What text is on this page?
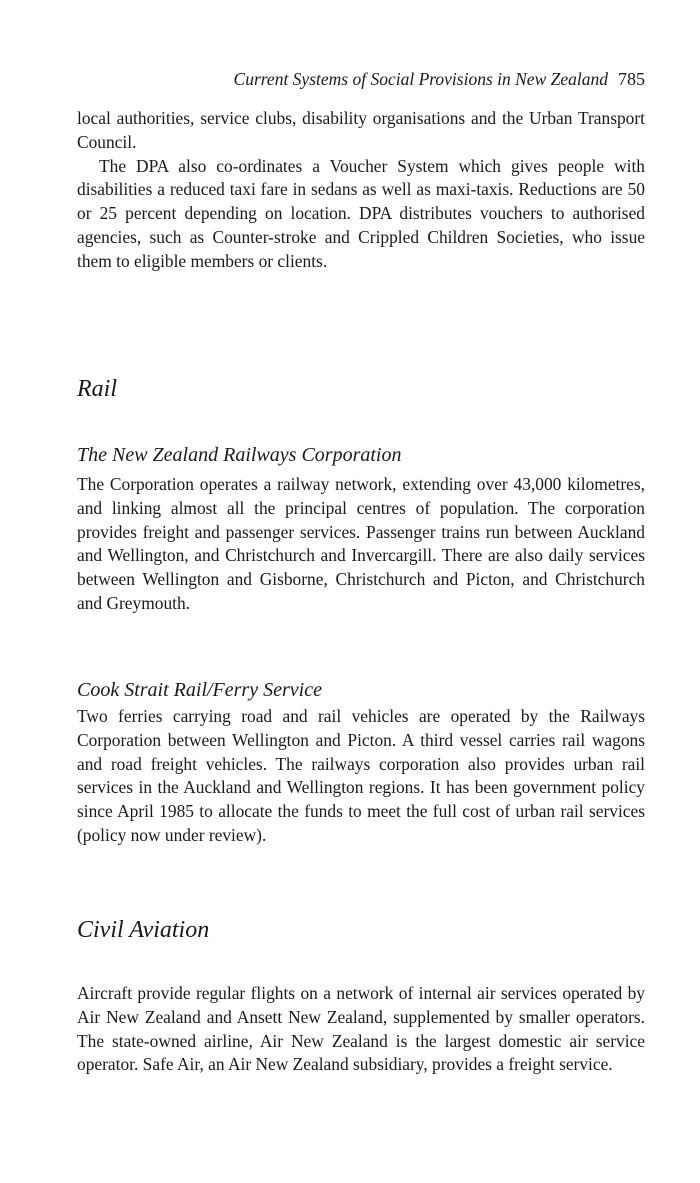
Current Systems of Social Provisions in New Zealand 785

local authorities, service clubs, disability organisations and the Urban Transport Council.

The DPA also co-ordinates a Voucher System which gives people with disabilities a reduced taxi fare in sedans as well as maxi-taxis. Reductions are 50 or 25 percent depending on location. DPA distributes vouchers to authorised agencies, such as Counter-stroke and Crippled Children Societies, who issue them to eligible members or clients.

Rail
The New Zealand Railways Corporation

The Corporation operates a railway network, extending over 43,000 kilometres, and linking almost all the principal centres of population. The corporation provides freight and passenger services. Passenger trains run between Auckland and Wellington, and Christchurch and Invercargill. There are also daily services between Wellington and Gisborne, Christchurch and Picton, and Christchurch and Greymouth.

Cook Strait Rail/Ferry Service

Two ferries carrying road and rail vehicles are operated by the Railways Corporation between Wellington and Picton. A third vessel carries rail wagons and road freight vehicles. The railways corporation also provides urban rail services in the Auckland and Wellington regions. It has been government policy since April 1985 to allocate the funds to meet the full cost of urban rail services (policy now under review).

Civil Aviation

Aircraft provide regular flights on a network of internal air services operated by Air New Zealand and Ansett New Zealand, supplemented by smaller operators. The state-owned airline, Air New Zealand is the largest domestic air service operator. Safe Air, an Air New Zealand subsidiary, provides a freight service.
